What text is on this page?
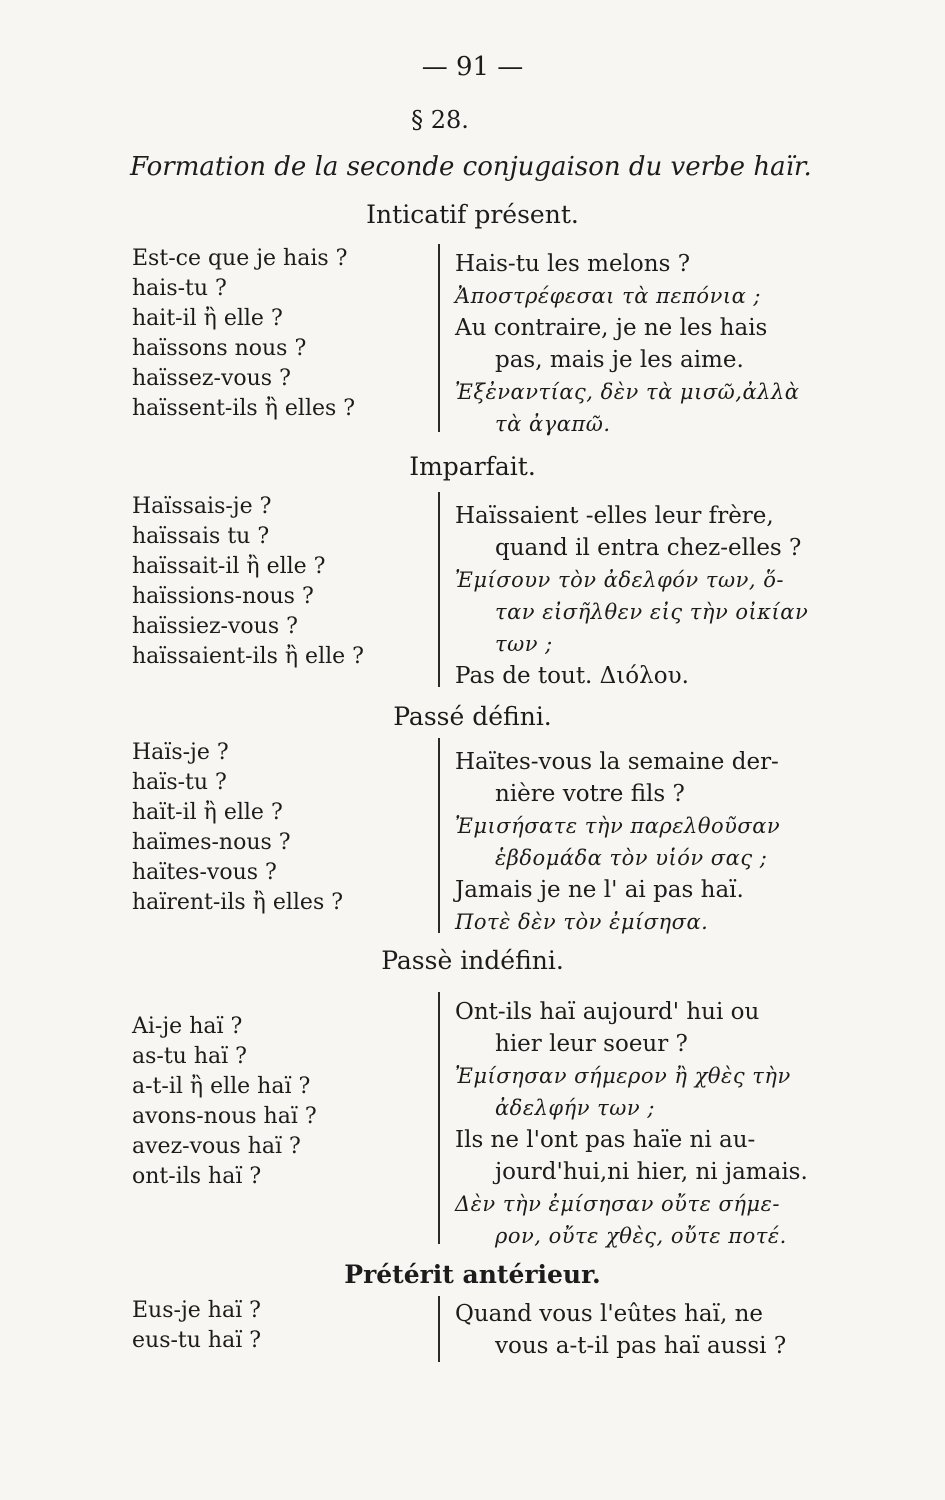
— 91 —
§ 28.
Formation de la seconde conjugaison du verbe haïr.
Inticatif présent.
Est-ce que je hais ?
hais-tu ?
hait-il ἢ elle ?
haïssons nous ?
haïssez-vous ?
haïssent-ils ἢ elles ?
Hais-tu les melons ?
Ἀποστρέφεσαι τὰ πεπόνια ;
Au contraire, je ne les hais
pas, mais je les aime.
Ἐξἐναντίας, δὲν τὰ μισῶ,ἀλλὰ
τὰ ἀγαπῶ.
Imparfait.
Haïssais-je ?
haïssais tu ?
haïssait-il ἢ elle ?
haïssions-nous ?
haïssiez-vous ?
haïssaient-ils ἢ elle ?
Haïssaient -elles leur frère,
quand il entra chez-elles ?
Ἐμίσουν τὸν ἀδελφόν των, ὅ-
ταν εἰσῆλθεν εἰς τὴν οἰκίαν
των ;
Pas de tout. Διόλου.
Passé défini.
Haïs-je ?
haïs-tu ?
haït-il ἢ elle ?
haïmes-nous ?
haïtes-vous ?
haïrent-ils ἢ elles ?
Haïtes-vous la semaine der-
nière votre fils ?
Ἐμισήσατε τὴν παρελθοῦσαν
ἑβδομάδα τὸν υἱόν σας ;
Jamais je ne l' ai pas haï.
Ποτὲ δὲν τὸν ἐμίσησα.
Passè indéfini.
Ai-je haï ?
as-tu haï ?
a-t-il ἢ elle haï ?
avons-nous haï ?
avez-vous haï ?
ont-ils haï ?
Ont-ils haï aujourd' hui ou
hier leur soeur ?
Ἐμίσησαν σήμερον ἢ χθὲς τὴν
ἀδελφήν των ;
Ils ne l'ont pas haïe ni au-
jourd'hui,ni hier, ni jamais.
Δὲν τὴν ἐμίσησαν οὔτε σήμε-
ρον, οὔτε χθὲς, οὔτε ποτέ.
Prétérit antérieur.
Eus-je haï ?
eus-tu haï ?
Quand vous l'eûtes haï, ne
vous a-t-il pas haï aussi ?
